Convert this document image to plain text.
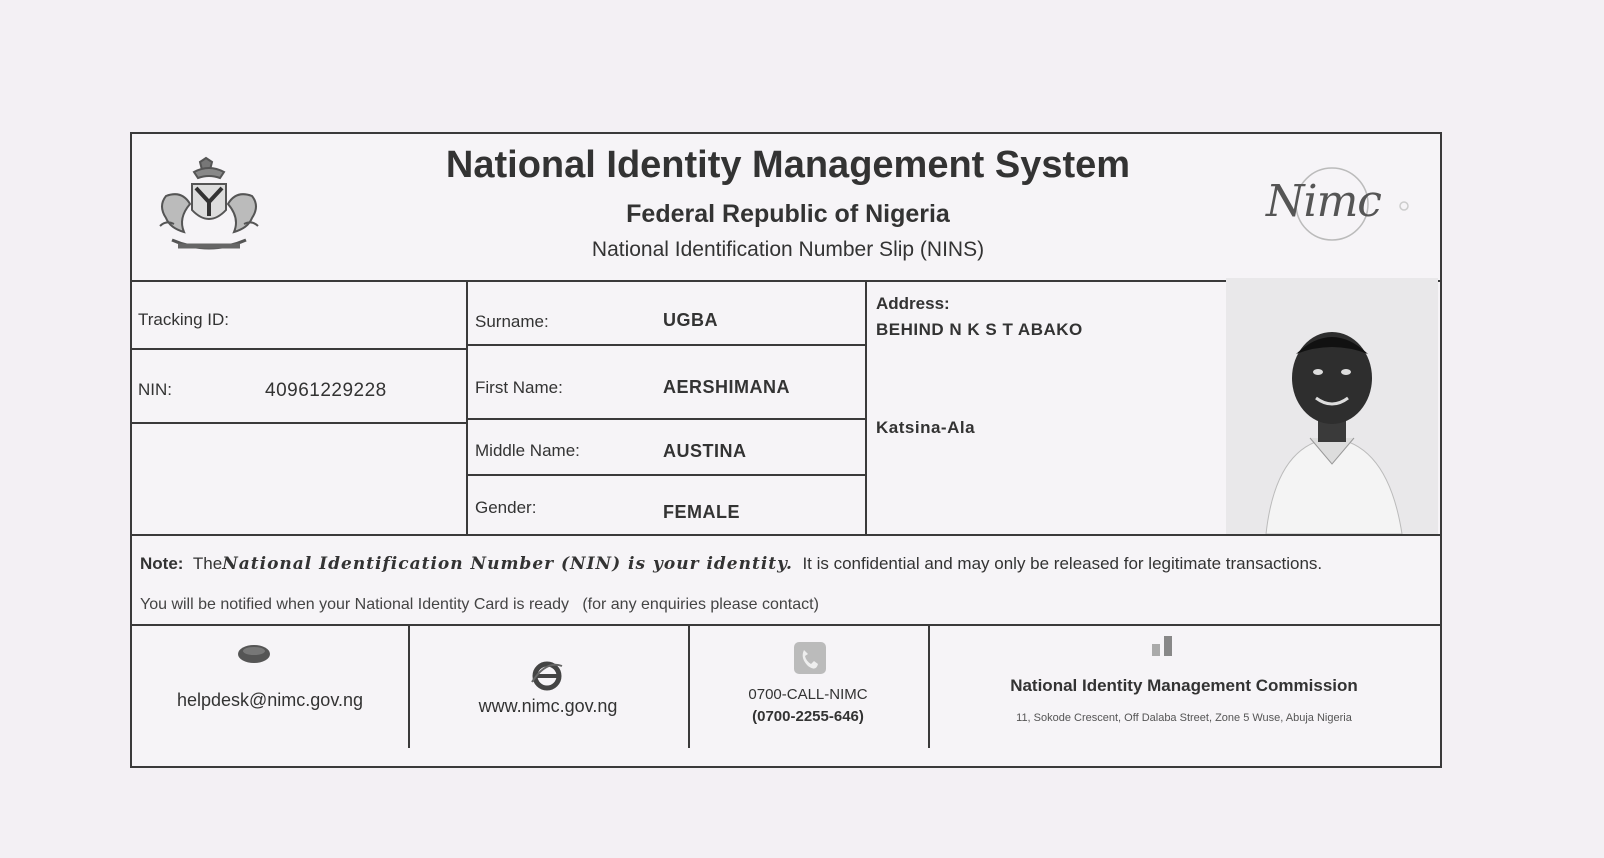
National Identity Management System
Federal Republic of Nigeria
National Identification Number Slip (NINS)
Nimc
Tracking ID:
NIN:	40961229228
Surname:	UGBA
First Name:	AERSHIMANA
Middle Name:	AUSTINA
Gender:	FEMALE
Address:
BEHIND N K S T ABAKO
Katsina-Ala
Note: TheNational Identification Number (NIN) is your identity. It is confidential and may only be released for legitimate transactions.
You will be notified when your National Identity Card is ready (for any enquiries please contact)
helpdesk@nimc.gov.ng	www.nimc.gov.ng
0700-CALL-NIMC
(0700-2255-646)
National Identity Management Commission
11, Sokode Crescent, Off Dalaba Street, Zone 5 Wuse, Abuja Nigeria
